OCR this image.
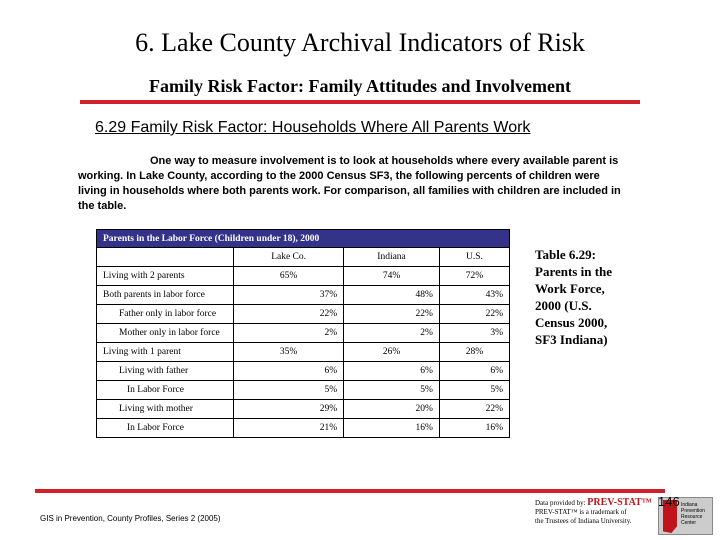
6. Lake County Archival Indicators of Risk
Family Risk Factor: Family Attitudes and Involvement
6.29 Family Risk Factor: Households Where All Parents Work
One way to measure involvement is to look at households where every available parent is working. In Lake County, according to the 2000 Census SF3, the following percents of children were living in households where both parents work. For comparison, all families with children are included in the table.
Parents in the Labor Force (Children under 18), 2000			
	Lake Co.	Indiana	U.S.
Living with 2 parents	65%	74%	72%
Both parents in labor force	37%	48%	43%
Father only in labor force	22%	22%	22%
Mother only in labor force	2%	2%	3%
Living with 1 parent	35%	26%	28%
Living with father	6%	6%	6%
In Labor Force	5%	5%	5%
Living with mother	29%	20%	22%
In Labor Force	21%	16%	16%
Table 6.29: Parents in the Work Force, 2000 (U.S. Census 2000, SF3 Indiana)
GIS in Prevention, County Profiles, Series 2 (2005)
Data provided by: PREV-STAT™
PREV-STAT™ is a trademark of
the Trustees of Indiana University.
Indiana Prevention Resource Center
146
